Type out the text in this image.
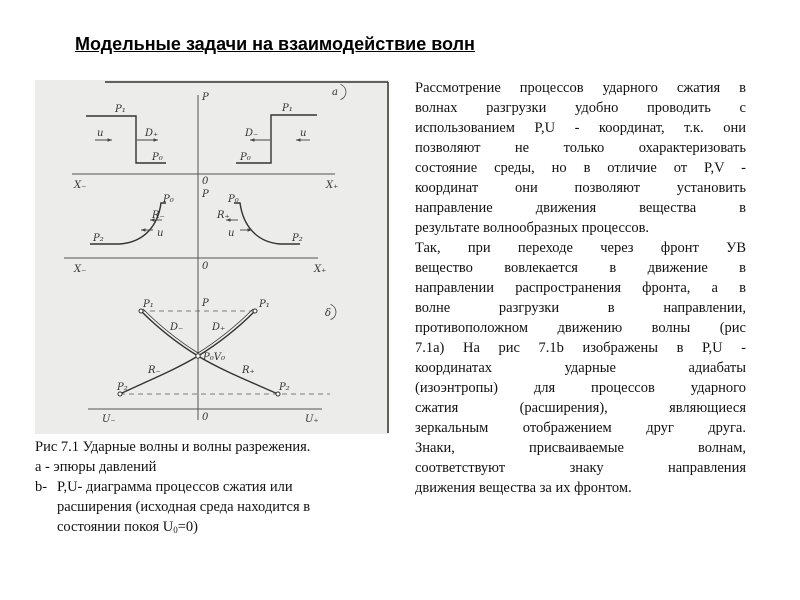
Модельные задачи на взаимодействие волн
a
δ
P
0
X₋	X₊
P₁	P₁
u	u
D₊	D₋
P₀	P₀
P
P₀	P₀
R₋	R₊
u	u
P₂	P₂
0
X₋	X₊
P
P₁	P₁
D₋	D₊
P₀V₀
R₋	R₊
P₂	P₂
0
U₋	U₊
Рис 7.1 Ударные волны и волны разрежения.
а - эпюры давлений
b- P,U- диаграмма процессов сжатия или
расширения (исходная среда находится в
состоянии покоя $U_0=0$)
Рассмотрение процессов ударного сжатия в
волнах разгрузки удобно проводить с
использованием P,U - координат, т.к. они
позволяют не только охарактеризовать
состояние среды, но в отличие от P,V -
координат они позволяют установить
направление движения вещества в
результате волнообразных процессов.
Так, при переходе через фронт УВ
вещество вовлекается в движение в
направлении распространения фронта, а в
волне разгрузки в направлении,
противоположном движению волны (рис
7.1а) На рис 7.1b изображены в P,U -
координатах ударные адиабаты
(изоэнтропы) для процессов ударного
сжатия (расширения), являющиеся
зеркальным отображением друг друга.
Знаки, присваиваемые волнам,
соответствуют знаку направления
движения вещества за их фронтом.
